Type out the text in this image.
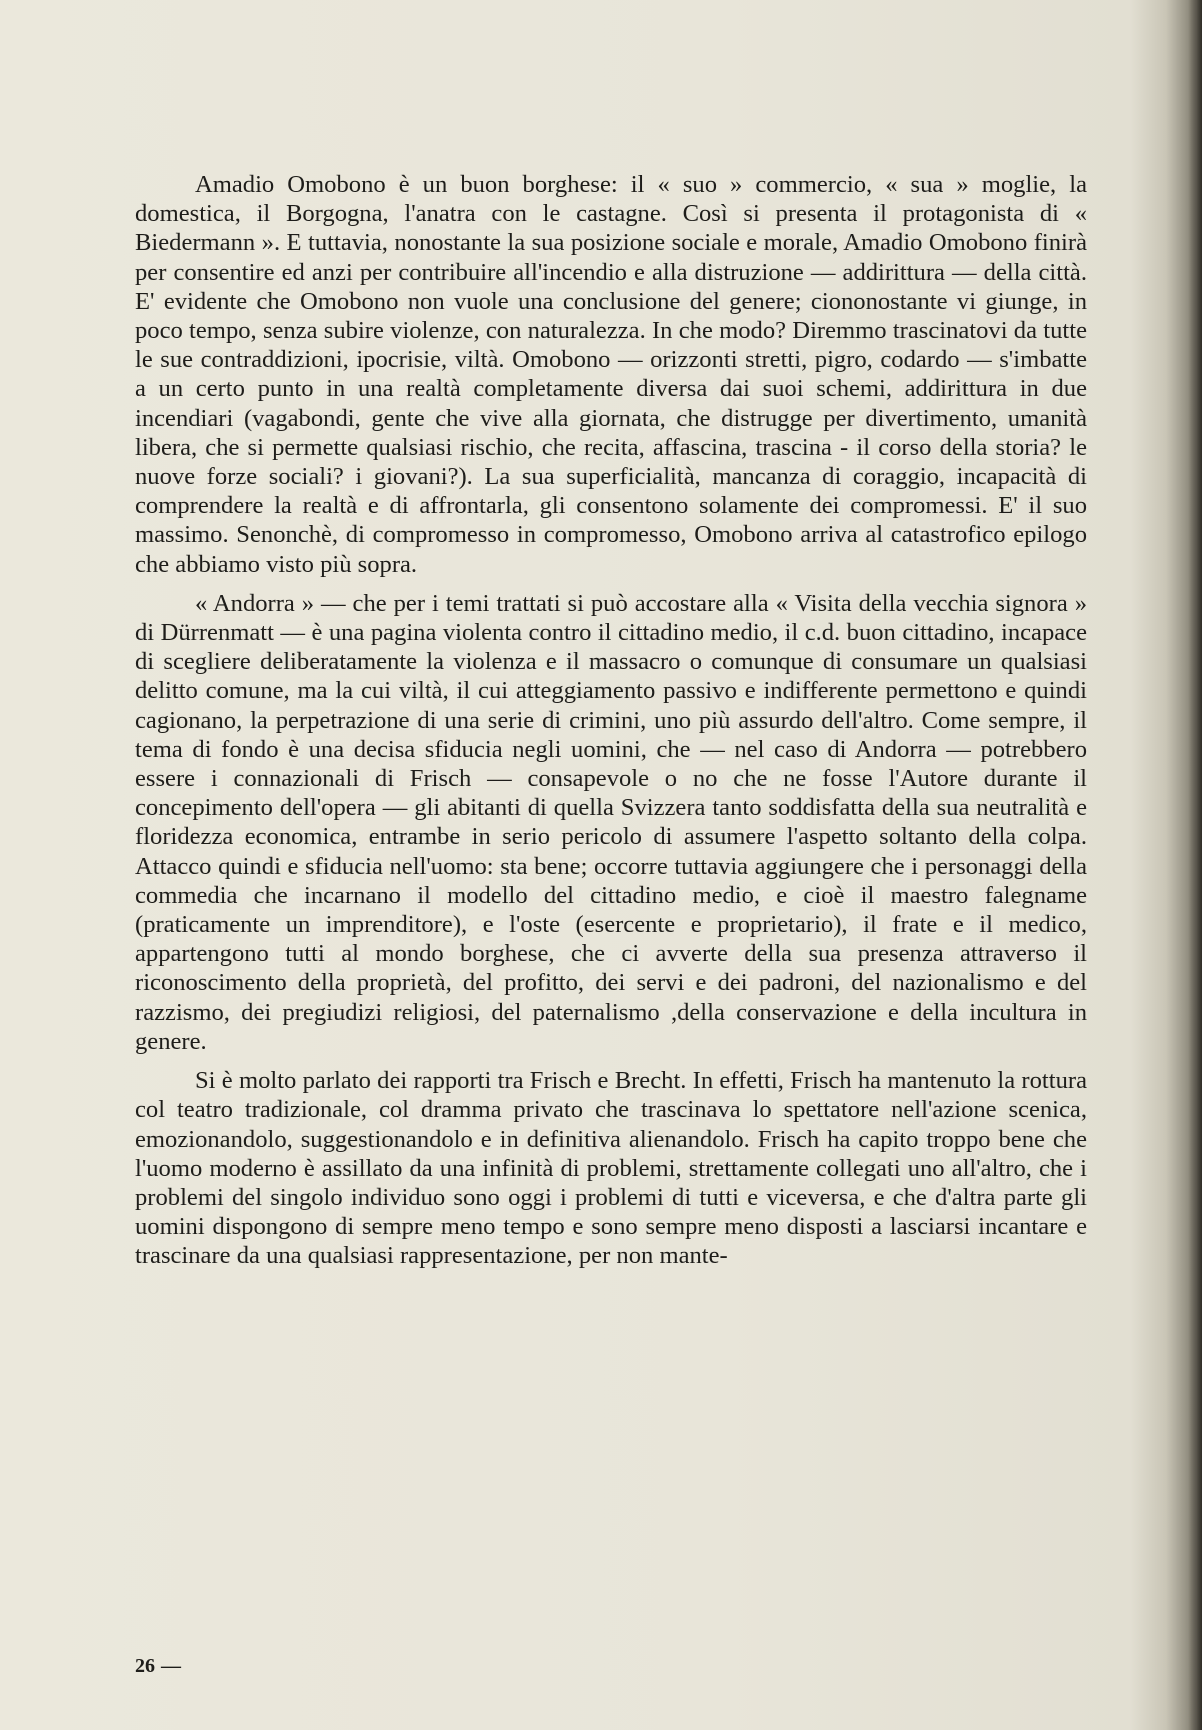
Amadio Omobono è un buon borghese: il « suo » commercio, « sua » moglie, la domestica, il Borgogna, l'anatra con le castagne. Così si presenta il protagonista di « Biedermann ». E tuttavia, nonostante la sua posizione sociale e morale, Amadio Omobono finirà per consentire ed anzi per contribuire all'incendio e alla distruzione — addirittura — della città. E' evidente che Omobono non vuole una conclusione del genere; ciononostante vi giunge, in poco tempo, senza subire violenze, con naturalezza. In che modo? Diremmo trascinatovi da tutte le sue contraddizioni, ipocrisie, viltà. Omobono — orizzonti stretti, pigro, codardo — s'imbatte a un certo punto in una realtà completamente diversa dai suoi schemi, addirittura in due incendiari (vagabondi, gente che vive alla giornata, che distrugge per divertimento, umanità libera, che si permette qualsiasi rischio, che recita, affascina, trascina - il corso della storia? le nuove forze sociali? i giovani?). La sua superficialità, mancanza di coraggio, incapacità di comprendere la realtà e di affrontarla, gli consentono solamente dei compromessi. E' il suo massimo. Senonchè, di compromesso in compromesso, Omobono arriva al catastrofico epilogo che abbiamo visto più sopra.

« Andorra » — che per i temi trattati si può accostare alla « Visita della vecchia signora » di Dürrenmatt — è una pagina violenta contro il cittadino medio, il c.d. buon cittadino, incapace di scegliere deliberatamente la violenza e il massacro o comunque di consumare un qualsiasi delitto comune, ma la cui viltà, il cui atteggiamento passivo e indifferente permettono e quindi cagionano, la perpetrazione di una serie di crimini, uno più assurdo dell'altro. Come sempre, il tema di fondo è una decisa sfiducia negli uomini, che — nel caso di Andorra — potrebbero essere i connazionali di Frisch — consapevole o no che ne fosse l'Autore durante il concepimento dell'opera — gli abitanti di quella Svizzera tanto soddisfatta della sua neutralità e floridezza economica, entrambe in serio pericolo di assumere l'aspetto soltanto della colpa. Attacco quindi e sfiducia nell'uomo: sta bene; occorre tuttavia aggiungere che i personaggi della commedia che incarnano il modello del cittadino medio, e cioè il maestro falegname (praticamente un imprenditore), e l'oste (esercente e proprietario), il frate e il medico, appartengono tutti al mondo borghese, che ci avverte della sua presenza attraverso il riconoscimento della proprietà, del profitto, dei servi e dei padroni, del nazionalismo e del razzismo, dei pregiudizi religiosi, del paternalismo ,della conservazione e della incultura in genere.

Si è molto parlato dei rapporti tra Frisch e Brecht. In effetti, Frisch ha mantenuto la rottura col teatro tradizionale, col dramma privato che trascinava lo spettatore nell'azione scenica, emozionandolo, suggestionandolo e in definitiva alienandolo. Frisch ha capito troppo bene che l'uomo moderno è assillato da una infinità di problemi, strettamente collegati uno all'altro, che i problemi del singolo individuo sono oggi i problemi di tutti e viceversa, e che d'altra parte gli uomini dispongono di sempre meno tempo e sono sempre meno disposti a lasciarsi incantare e trascinare da una qualsiasi rappresentazione, per non mante-

26 —
